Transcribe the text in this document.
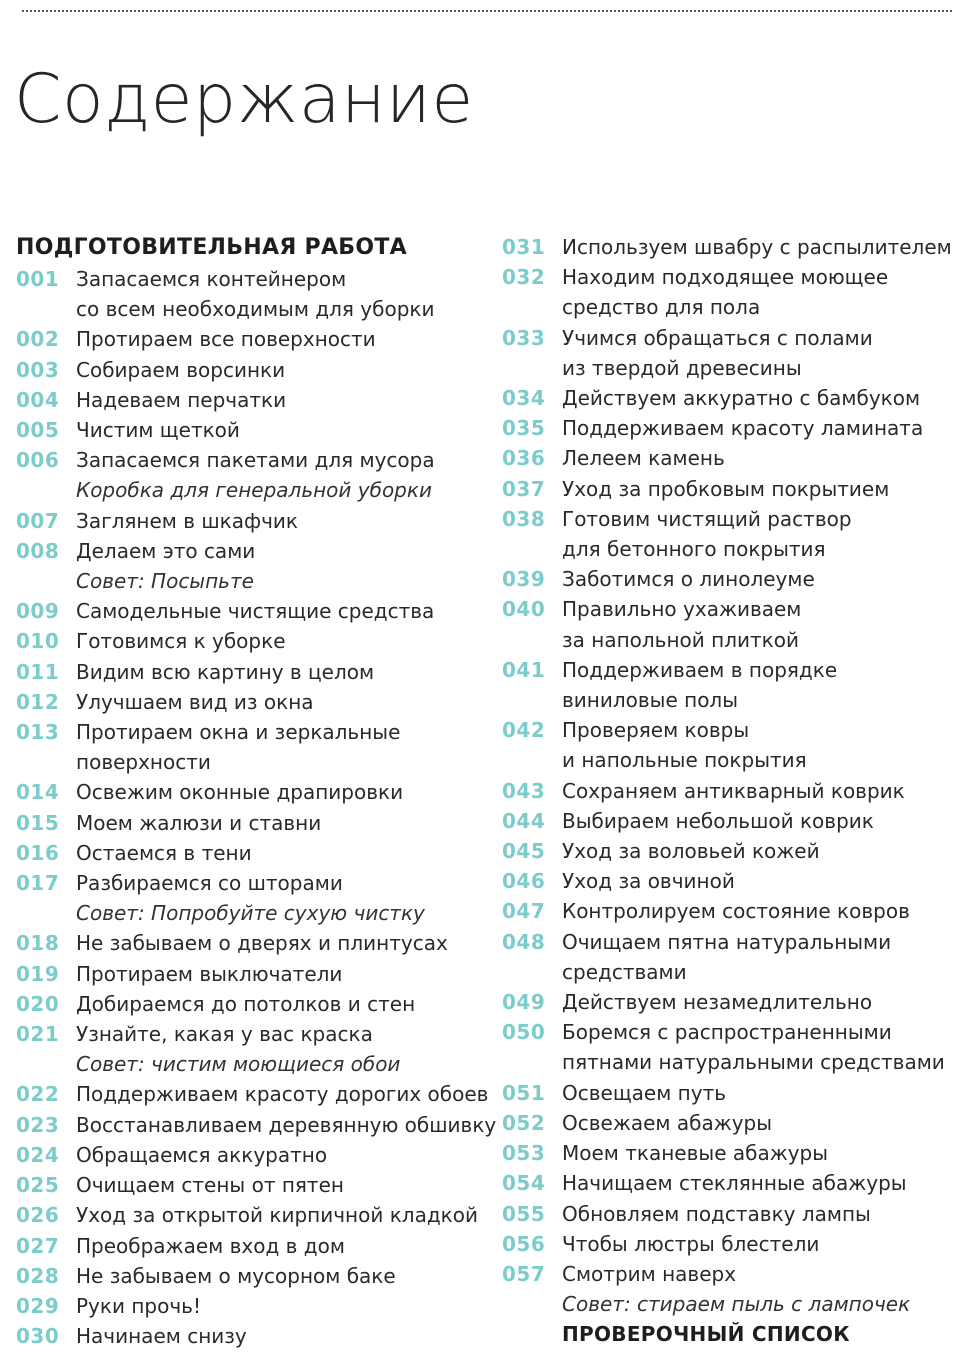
Содержание
ПОДГОТОВИТЕЛЬНАЯ РАБОТА
001 Запасаемся контейнером
со всем необходимым для уборки
002 Протираем все поверхности
003 Собираем ворсинки
004 Надеваем перчатки
005 Чистим щеткой
006 Запасаемся пакетами для мусора
Коробка для генеральной уборки
007 Заглянем в шкафчик
008 Делаем это сами
Совет: Посыпьте
009 Самодельные чистящие средства
010 Готовимся к уборке
011 Видим всю картину в целом
012 Улучшаем вид из окна
013 Протираем окна и зеркальные
поверхности
014 Освежим оконные драпировки
015 Моем жалюзи и ставни
016 Остаемся в тени
017 Разбираемся со шторами
Совет: Попробуйте сухую чистку
018 Не забываем о дверях и плинтусах
019 Протираем выключатели
020 Добираемся до потолков и стен
021 Узнайте, какая у вас краска
Совет: чистим моющиеся обои
022 Поддерживаем красоту дорогих обоев
023 Восстанавливаем деревянную обшивку
024 Обращаемся аккуратно
025 Очищаем стены от пятен
026 Уход за открытой кирпичной кладкой
027 Преображаем вход в дом
028 Не забываем о мусорном баке
029 Руки прочь!
030 Начинаем снизу
031 Используем швабру с распылителем
032 Находим подходящее моющее
средство для пола
033 Учимся обращаться с полами
из твердой древесины
034 Действуем аккуратно с бамбуком
035 Поддерживаем красоту ламината
036 Лелеем камень
037 Уход за пробковым покрытием
038 Готовим чистящий раствор
для бетонного покрытия
039 Заботимся о линолеуме
040 Правильно ухаживаем
за напольной плиткой
041 Поддерживаем в порядке
виниловые полы
042 Проверяем ковры
и напольные покрытия
043 Сохраняем антикварный коврик
044 Выбираем небольшой коврик
045 Уход за воловьей кожей
046 Уход за овчиной
047 Контролируем состояние ковров
048 Очищаем пятна натуральными
средствами
049 Действуем незамедлительно
050 Боремся с распространенными
пятнами натуральными средствами
051 Освещаем путь
052 Освежаем абажуры
053 Моем тканевые абажуры
054 Начищаем стеклянные абажуры
055 Обновляем подставку лампы
056 Чтобы люстры блестели
057 Смотрим наверх
Совет: стираем пыль с лампочек
ПРОВЕРОЧНЫЙ СПИСОК
